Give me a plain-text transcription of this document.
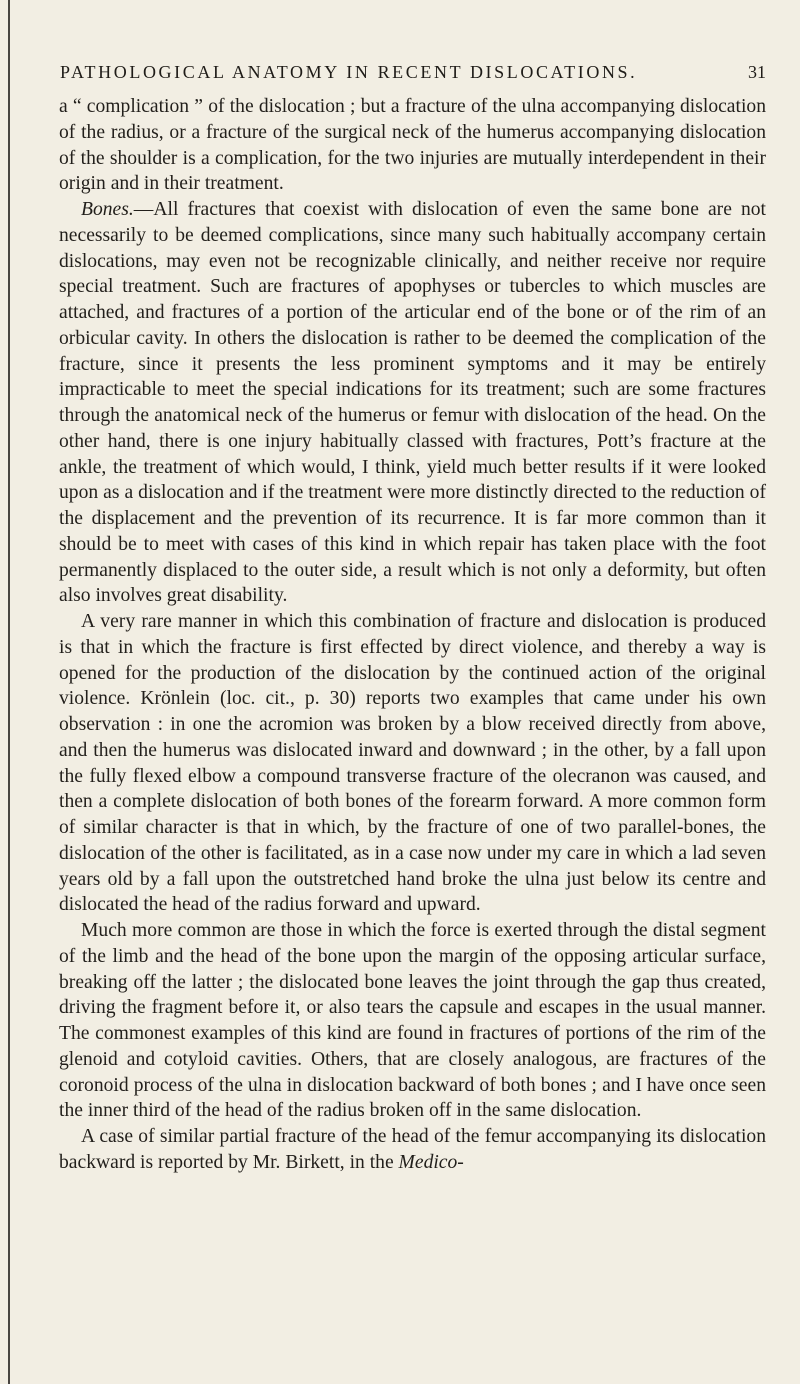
PATHOLOGICAL ANATOMY IN RECENT DISLOCATIONS.	31

a “ complication ” of the dislocation ; but a fracture of the ulna accompanying dislocation of the radius, or a fracture of the surgical neck of the humerus accompanying dislocation of the shoulder is a complication, for the two injuries are mutually interdependent in their origin and in their treatment.

Bones.—All fractures that coexist with dislocation of even the same bone are not necessarily to be deemed complications, since many such habitually accompany certain dislocations, may even not be recognizable clinically, and neither receive nor require special treatment. Such are fractures of apophyses or tubercles to which muscles are attached, and fractures of a portion of the articular end of the bone or of the rim of an orbicular cavity. In others the dislocation is rather to be deemed the complication of the fracture, since it presents the less prominent symptoms and it may be entirely impracticable to meet the special indications for its treatment; such are some fractures through the anatomical neck of the humerus or femur with dislocation of the head. On the other hand, there is one injury habitually classed with fractures, Pott’s fracture at the ankle, the treatment of which would, I think, yield much better results if it were looked upon as a dislocation and if the treatment were more distinctly directed to the reduction of the displacement and the prevention of its recurrence. It is far more common than it should be to meet with cases of this kind in which repair has taken place with the foot permanently displaced to the outer side, a result which is not only a deformity, but often also involves great disability.

A very rare manner in which this combination of fracture and dislocation is produced is that in which the fracture is first effected by direct violence, and thereby a way is opened for the production of the dislocation by the continued action of the original violence. Krönlein (loc. cit., p. 30) reports two examples that came under his own observation : in one the acromion was broken by a blow received directly from above, and then the humerus was dislocated inward and downward ; in the other, by a fall upon the fully flexed elbow a compound transverse fracture of the olecranon was caused, and then a complete dislocation of both bones of the forearm forward. A more common form of similar character is that in which, by the fracture of one of two parallel-bones, the dislocation of the other is facilitated, as in a case now under my care in which a lad seven years old by a fall upon the outstretched hand broke the ulna just below its centre and dislocated the head of the radius forward and upward.

Much more common are those in which the force is exerted through the distal segment of the limb and the head of the bone upon the margin of the opposing articular surface, breaking off the latter ; the dislocated bone leaves the joint through the gap thus created, driving the fragment before it, or also tears the capsule and escapes in the usual manner. The commonest examples of this kind are found in fractures of portions of the rim of the glenoid and cotyloid cavities. Others, that are closely analogous, are fractures of the coronoid process of the ulna in dislocation backward of both bones ; and I have once seen the inner third of the head of the radius broken off in the same dislocation.

A case of similar partial fracture of the head of the femur accompanying its dislocation backward is reported by Mr. Birkett, in the Medico-
